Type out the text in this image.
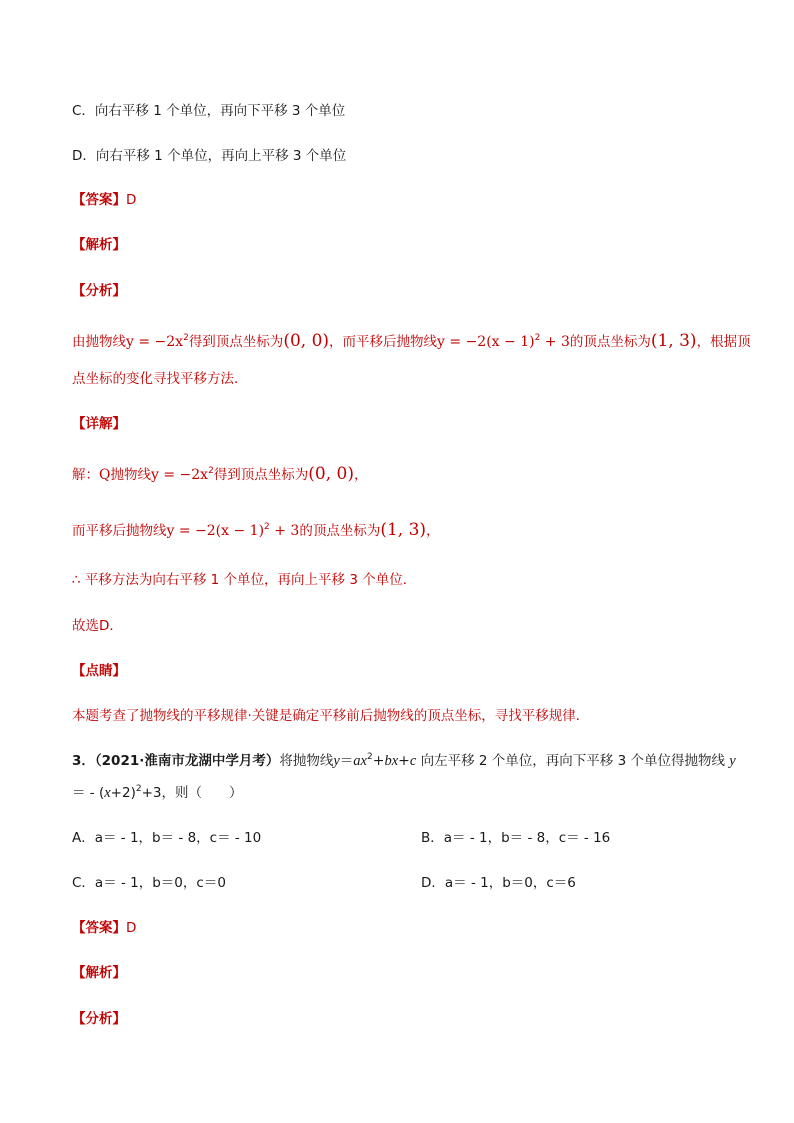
C．向右平移 1 个单位，再向下平移 3 个单位
D．向右平移 1 个单位，再向上平移 3 个单位
【答案】D
【解析】
【分析】
由抛物线$y = -2x^2$得到顶点坐标为(0, 0)，而平移后抛物线$y = -2(x - 1)^2 + 3$的顶点坐标为(1, 3)，根据顶
点坐标的变化寻找平移方法．
【详解】
解：Q抛物线$y = -2x^2$得到顶点坐标为(0, 0)，
而平移后抛物线$y = -2(x - 1)^2 + 3$的顶点坐标为(1, 3)，
∴ 平移方法为向右平移 1 个单位，再向上平移 3 个单位．
故选D．
【点睛】
本题考查了抛物线的平移规律·关键是确定平移前后抛物线的顶点坐标，寻找平移规律．
3．（2021·淮南市龙湖中学月考）将抛物线$y=ax^2+bx+c$ 向左平移 2 个单位，再向下平移 3 个单位得抛物线 y
＝ - $(x+2)^2+3$，则（　　）
A．a＝ - 1，b＝ - 8，c＝ - 10	B．a＝ - 1，b＝ - 8，c＝ - 16
C．a＝ - 1，b＝0，c＝0	D．a＝ - 1，b＝0，c＝6
【答案】D
【解析】
【分析】
